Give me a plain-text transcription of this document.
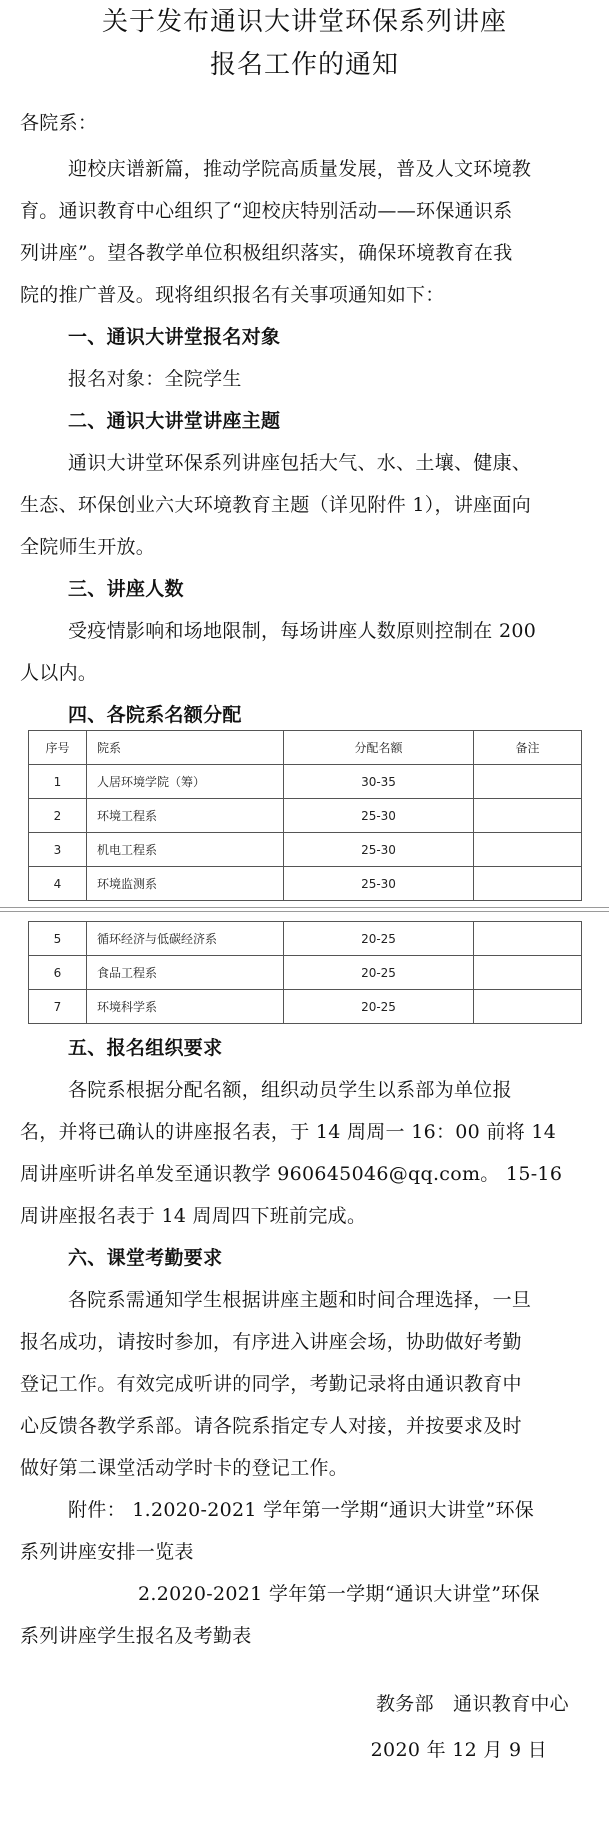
关于发布通识大讲堂环保系列讲座
报名工作的通知
各院系：
迎校庆谱新篇，推动学院高质量发展，普及人文环境教
育。通识教育中心组织了“迎校庆特别活动——环保通识系
列讲座”。望各教学单位积极组织落实，确保环境教育在我
院的推广普及。现将组织报名有关事项通知如下：
一、通识大讲堂报名对象
报名对象：全院学生
二、通识大讲堂讲座主题
通识大讲堂环保系列讲座包括大气、水、土壤、健康、
生态、环保创业六大环境教育主题（详见附件 1），讲座面向
全院师生开放。
三、讲座人数
受疫情影响和场地限制，每场讲座人数原则控制在 200
人以内。
四、各院系名额分配
序号	院系	分配名额	备注
1	人居环境学院（筹）	30-35	
2	环境工程系	25-30	
3	机电工程系	25-30	
4	环境监测系	25-30	
5	循环经济与低碳经济系	20-25	
6	食品工程系	20-25	
7	环境科学系	20-25	
五、报名组织要求
各院系根据分配名额，组织动员学生以系部为单位报
名，并将已确认的讲座报名表，于 14 周周一 16：00 前将 14
周讲座听讲名单发至通识教学 960645046@qq.com。 15-16
周讲座报名表于 14 周周四下班前完成。
六、课堂考勤要求
各院系需通知学生根据讲座主题和时间合理选择，一旦
报名成功，请按时参加，有序进入讲座会场，协助做好考勤
登记工作。有效完成听讲的同学，考勤记录将由通识教育中
心反馈各教学系部。请各院系指定专人对接，并按要求及时
做好第二课堂活动学时卡的登记工作。
附件： 1.2020-2021 学年第一学期“通识大讲堂”环保
系列讲座安排一览表
2.2020-2021 学年第一学期“通识大讲堂”环保
系列讲座学生报名及考勤表
教务部　通识教育中心
2020 年 12 月 9 日
